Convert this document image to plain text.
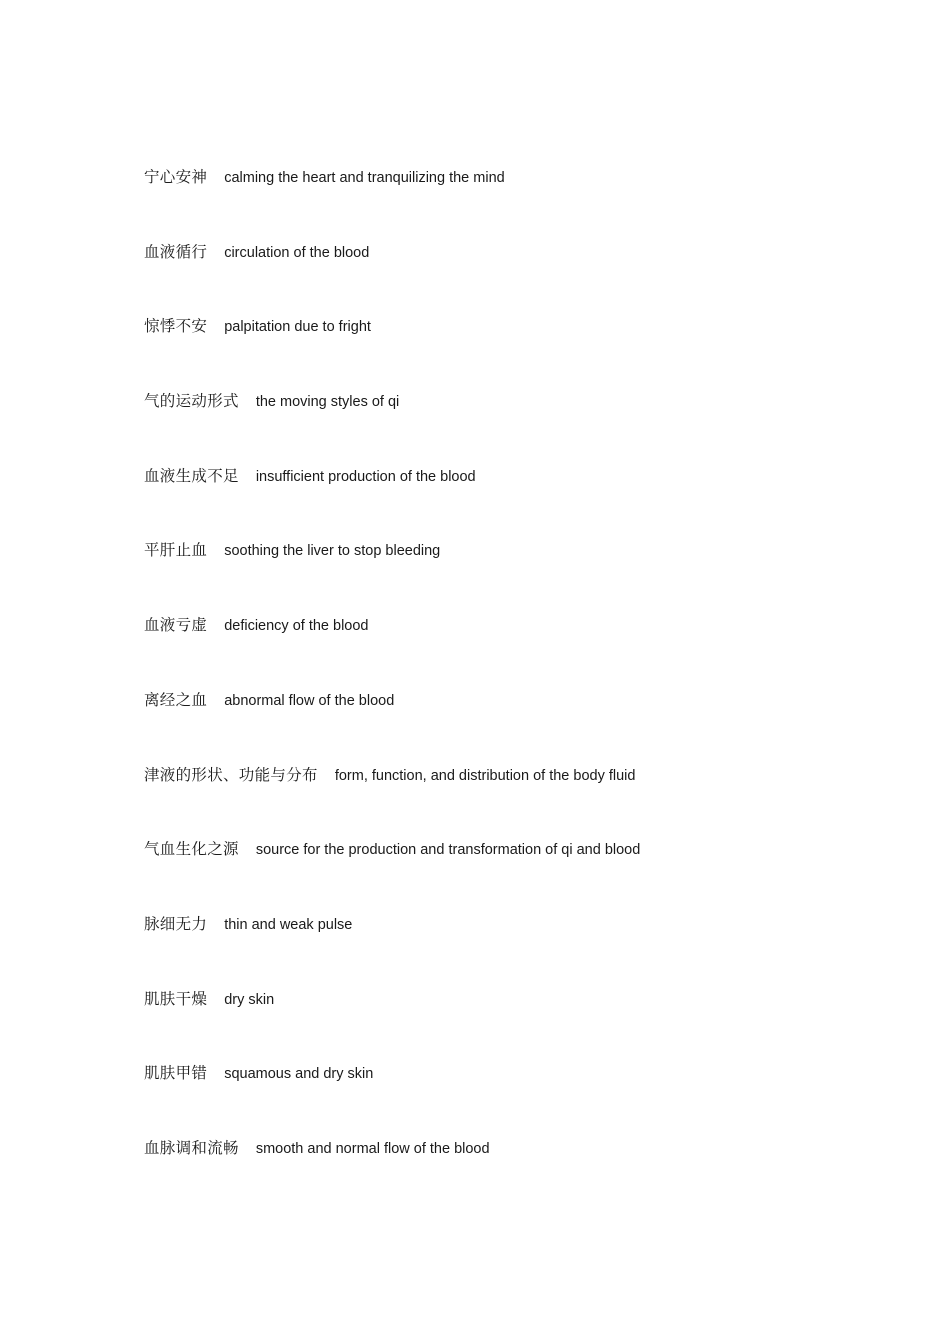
宁心安神 calming the heart and tranquilizing the mind
血液循行 circulation of the blood
惊悸不安 palpitation due to fright
气的运动形式 the moving styles of qi
血液生成不足 insufficient production of the blood
平肝止血 soothing the liver to stop bleeding
血液亏虚 deficiency of the blood
离经之血 abnormal flow of the blood
津液的形状、功能与分布 form, function, and distribution of the body fluid
气血生化之源 source for the production and transformation of qi and blood
脉细无力 thin and weak pulse
肌肤干燥 dry skin
肌肤甲错 squamous and dry skin
血脉调和流畅 smooth and normal flow of the blood
